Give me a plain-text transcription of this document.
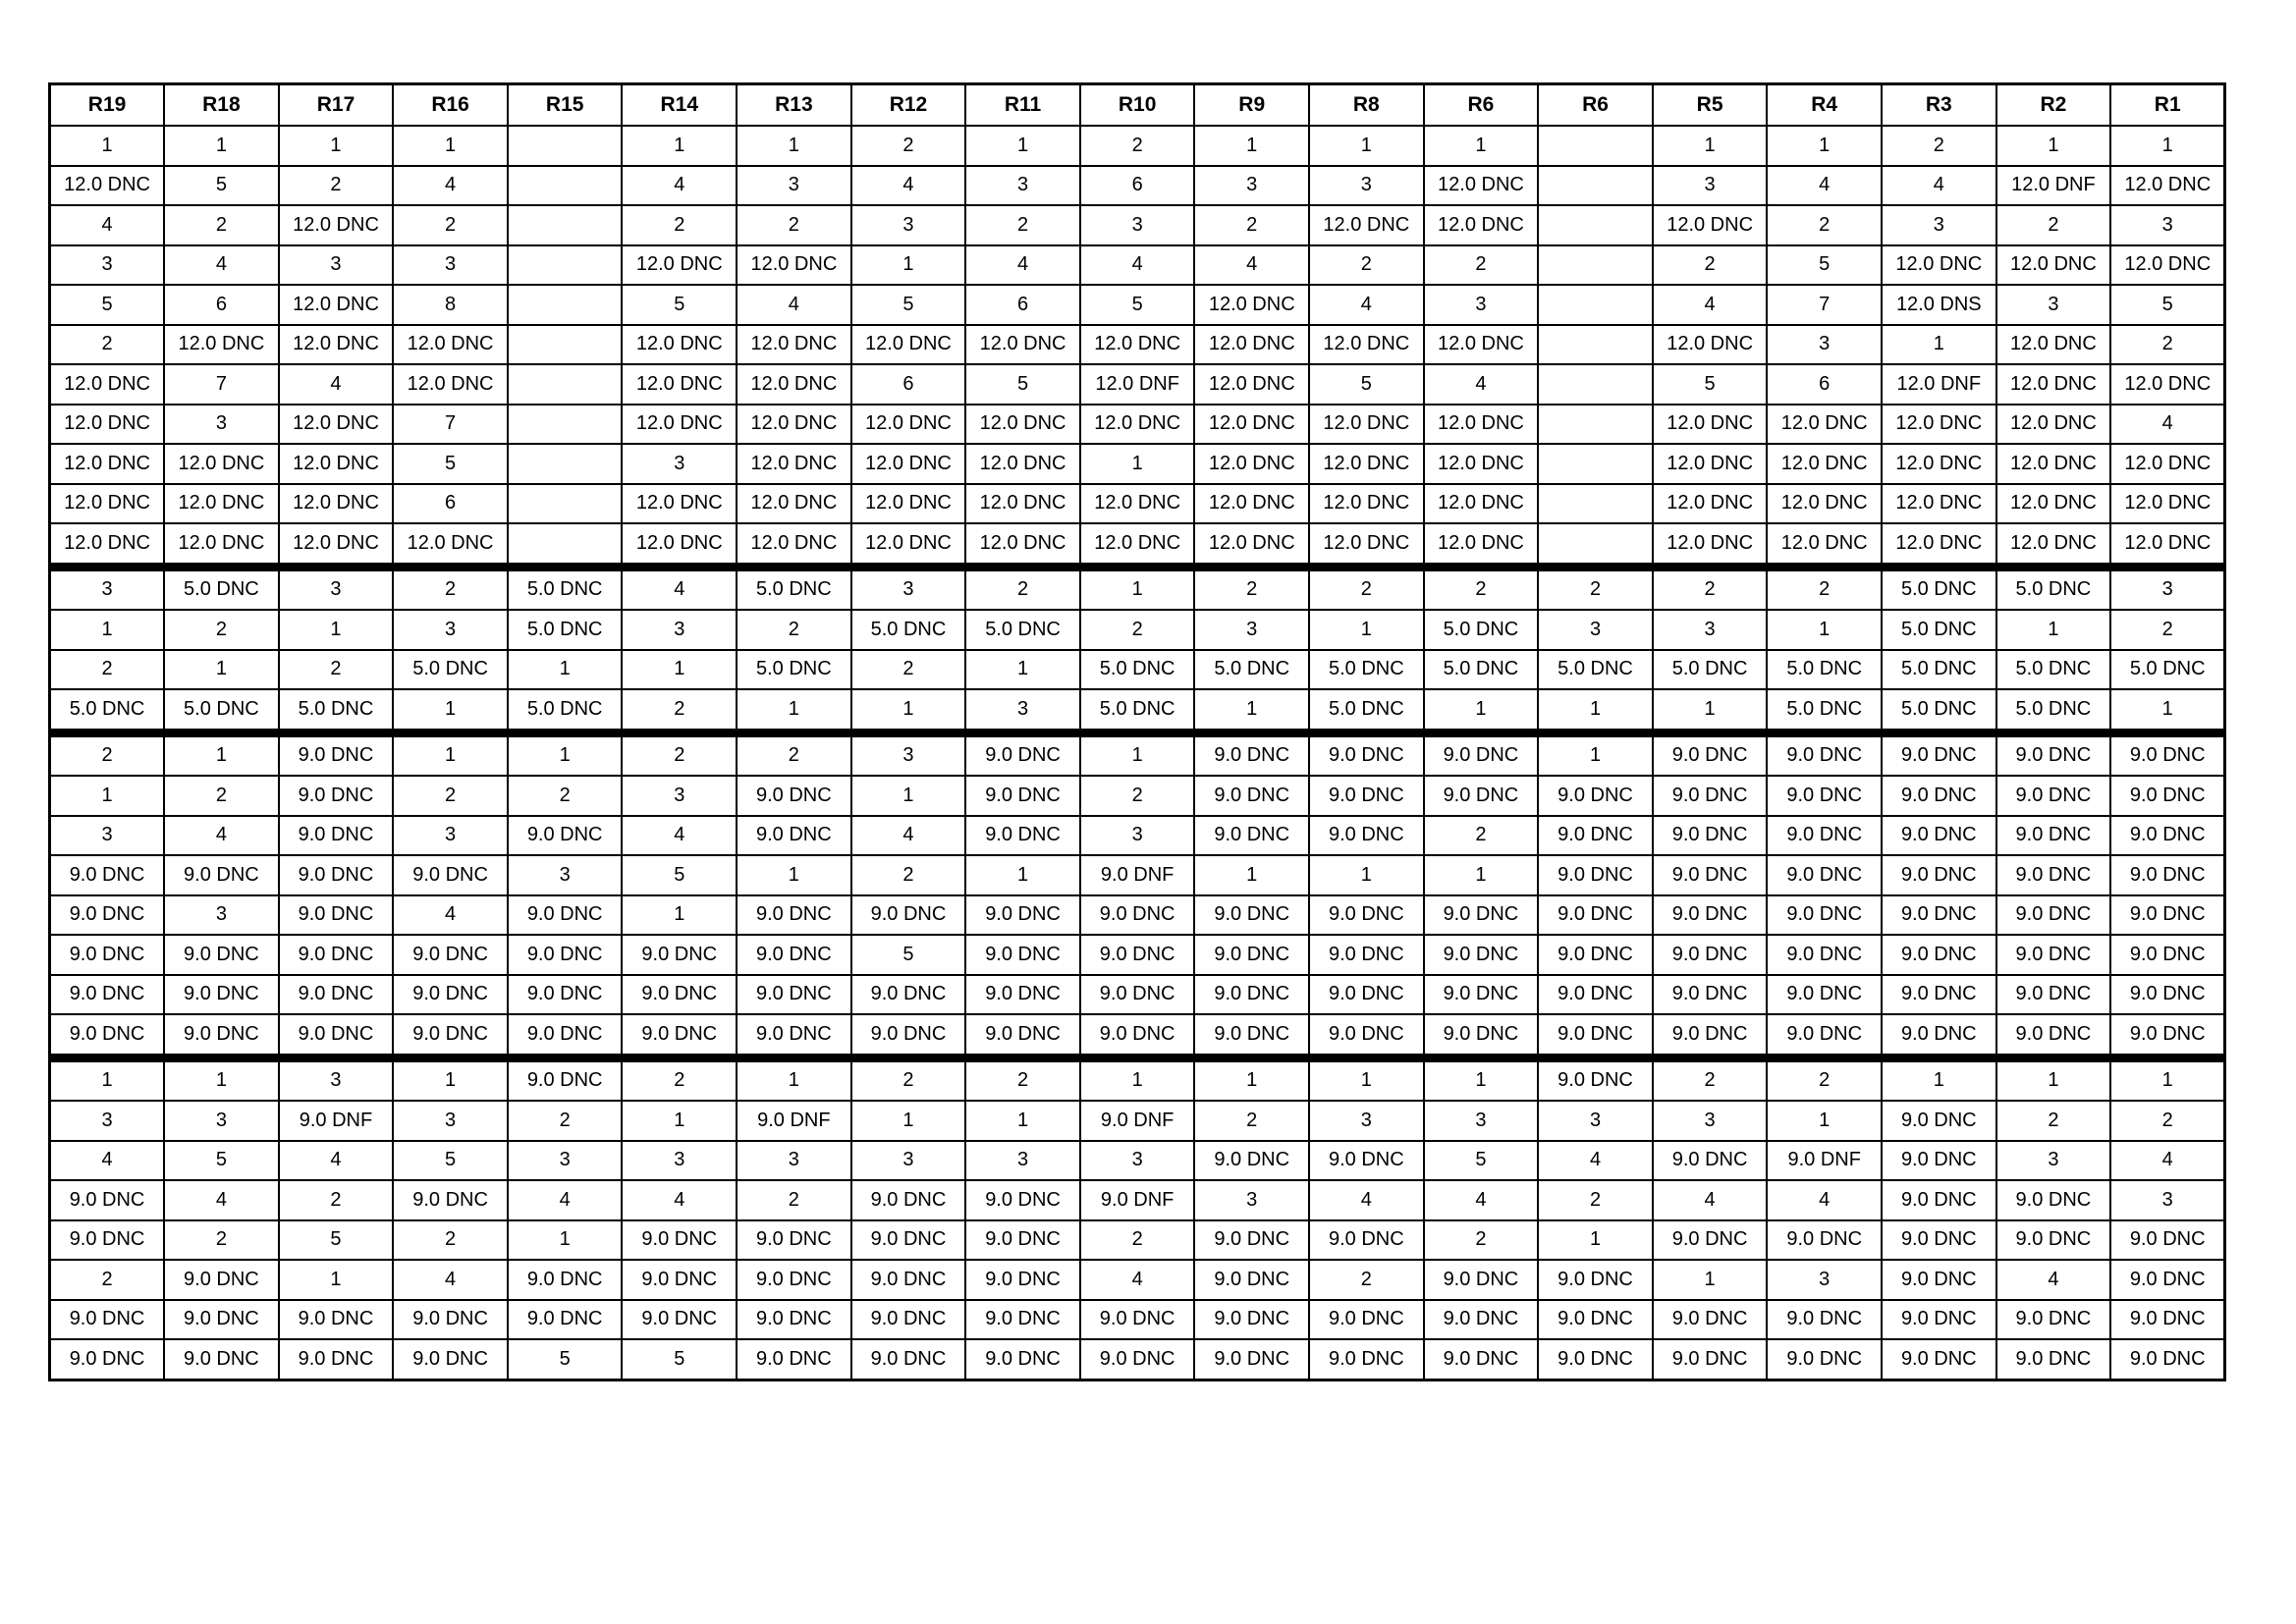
R19	R18	R17	R16	R15	R14	R13	R12	R11	R10	R9	R8	R6	R6	R5	R4	R3	R2	R1
1	1	1	1		1	1	2	1	2	1	1	1		1	1	2	1	1
12.0 DNC	5	2	4		4	3	4	3	6	3	3	12.0 DNC		3	4	4	12.0 DNF	12.0 DNC
4	2	12.0 DNC	2		2	2	3	2	3	2	12.0 DNC	12.0 DNC		12.0 DNC	2	3	2	3
3	4	3	3		12.0 DNC	12.0 DNC	1	4	4	4	2	2		2	5	12.0 DNC	12.0 DNC	12.0 DNC
5	6	12.0 DNC	8		5	4	5	6	5	12.0 DNC	4	3		4	7	12.0 DNS	3	5
2	12.0 DNC	12.0 DNC	12.0 DNC		12.0 DNC	12.0 DNC	12.0 DNC	12.0 DNC	12.0 DNC	12.0 DNC	12.0 DNC	12.0 DNC		12.0 DNC	3	1	12.0 DNC	2
12.0 DNC	7	4	12.0 DNC		12.0 DNC	12.0 DNC	6	5	12.0 DNF	12.0 DNC	5	4		5	6	12.0 DNF	12.0 DNC	12.0 DNC
12.0 DNC	3	12.0 DNC	7		12.0 DNC	12.0 DNC	12.0 DNC	12.0 DNC	12.0 DNC	12.0 DNC	12.0 DNC	12.0 DNC		12.0 DNC	12.0 DNC	12.0 DNC	12.0 DNC	4
12.0 DNC	12.0 DNC	12.0 DNC	5		3	12.0 DNC	12.0 DNC	12.0 DNC	1	12.0 DNC	12.0 DNC	12.0 DNC		12.0 DNC	12.0 DNC	12.0 DNC	12.0 DNC	12.0 DNC
12.0 DNC	12.0 DNC	12.0 DNC	6		12.0 DNC	12.0 DNC	12.0 DNC	12.0 DNC	12.0 DNC	12.0 DNC	12.0 DNC	12.0 DNC		12.0 DNC	12.0 DNC	12.0 DNC	12.0 DNC	12.0 DNC
12.0 DNC	12.0 DNC	12.0 DNC	12.0 DNC		12.0 DNC	12.0 DNC	12.0 DNC	12.0 DNC	12.0 DNC	12.0 DNC	12.0 DNC	12.0 DNC		12.0 DNC	12.0 DNC	12.0 DNC	12.0 DNC	12.0 DNC
3	5.0 DNC	3	2	5.0 DNC	4	5.0 DNC	3	2	1	2	2	2	2	2	2	5.0 DNC	5.0 DNC	3
1	2	1	3	5.0 DNC	3	2	5.0 DNC	5.0 DNC	2	3	1	5.0 DNC	3	3	1	5.0 DNC	1	2
2	1	2	5.0 DNC	1	1	5.0 DNC	2	1	5.0 DNC	5.0 DNC	5.0 DNC	5.0 DNC	5.0 DNC	5.0 DNC	5.0 DNC	5.0 DNC	5.0 DNC	5.0 DNC
5.0 DNC	5.0 DNC	5.0 DNC	1	5.0 DNC	2	1	1	3	5.0 DNC	1	5.0 DNC	1	1	1	5.0 DNC	5.0 DNC	5.0 DNC	1
2	1	9.0 DNC	1	1	2	2	3	9.0 DNC	1	9.0 DNC	9.0 DNC	9.0 DNC	1	9.0 DNC	9.0 DNC	9.0 DNC	9.0 DNC	9.0 DNC
1	2	9.0 DNC	2	2	3	9.0 DNC	1	9.0 DNC	2	9.0 DNC	9.0 DNC	9.0 DNC	9.0 DNC	9.0 DNC	9.0 DNC	9.0 DNC	9.0 DNC	9.0 DNC
3	4	9.0 DNC	3	9.0 DNC	4	9.0 DNC	4	9.0 DNC	3	9.0 DNC	9.0 DNC	2	9.0 DNC	9.0 DNC	9.0 DNC	9.0 DNC	9.0 DNC	9.0 DNC
9.0 DNC	9.0 DNC	9.0 DNC	9.0 DNC	3	5	1	2	1	9.0 DNF	1	1	1	9.0 DNC	9.0 DNC	9.0 DNC	9.0 DNC	9.0 DNC	9.0 DNC
9.0 DNC	3	9.0 DNC	4	9.0 DNC	1	9.0 DNC	9.0 DNC	9.0 DNC	9.0 DNC	9.0 DNC	9.0 DNC	9.0 DNC	9.0 DNC	9.0 DNC	9.0 DNC	9.0 DNC	9.0 DNC	9.0 DNC
9.0 DNC	9.0 DNC	9.0 DNC	9.0 DNC	9.0 DNC	9.0 DNC	9.0 DNC	5	9.0 DNC	9.0 DNC	9.0 DNC	9.0 DNC	9.0 DNC	9.0 DNC	9.0 DNC	9.0 DNC	9.0 DNC	9.0 DNC	9.0 DNC
9.0 DNC	9.0 DNC	9.0 DNC	9.0 DNC	9.0 DNC	9.0 DNC	9.0 DNC	9.0 DNC	9.0 DNC	9.0 DNC	9.0 DNC	9.0 DNC	9.0 DNC	9.0 DNC	9.0 DNC	9.0 DNC	9.0 DNC	9.0 DNC	9.0 DNC
9.0 DNC	9.0 DNC	9.0 DNC	9.0 DNC	9.0 DNC	9.0 DNC	9.0 DNC	9.0 DNC	9.0 DNC	9.0 DNC	9.0 DNC	9.0 DNC	9.0 DNC	9.0 DNC	9.0 DNC	9.0 DNC	9.0 DNC	9.0 DNC	9.0 DNC
1	1	3	1	9.0 DNC	2	1	2	2	1	1	1	1	9.0 DNC	2	2	1	1	1
3	3	9.0 DNF	3	2	1	9.0 DNF	1	1	9.0 DNF	2	3	3	3	3	1	9.0 DNC	2	2
4	5	4	5	3	3	3	3	3	3	9.0 DNC	9.0 DNC	5	4	9.0 DNC	9.0 DNF	9.0 DNC	3	4
9.0 DNC	4	2	9.0 DNC	4	4	2	9.0 DNC	9.0 DNC	9.0 DNF	3	4	4	2	4	4	9.0 DNC	9.0 DNC	3
9.0 DNC	2	5	2	1	9.0 DNC	9.0 DNC	9.0 DNC	9.0 DNC	2	9.0 DNC	9.0 DNC	2	1	9.0 DNC	9.0 DNC	9.0 DNC	9.0 DNC	9.0 DNC
2	9.0 DNC	1	4	9.0 DNC	9.0 DNC	9.0 DNC	9.0 DNC	9.0 DNC	4	9.0 DNC	2	9.0 DNC	9.0 DNC	1	3	9.0 DNC	4	9.0 DNC
9.0 DNC	9.0 DNC	9.0 DNC	9.0 DNC	9.0 DNC	9.0 DNC	9.0 DNC	9.0 DNC	9.0 DNC	9.0 DNC	9.0 DNC	9.0 DNC	9.0 DNC	9.0 DNC	9.0 DNC	9.0 DNC	9.0 DNC	9.0 DNC	9.0 DNC
9.0 DNC	9.0 DNC	9.0 DNC	9.0 DNC	5	5	9.0 DNC	9.0 DNC	9.0 DNC	9.0 DNC	9.0 DNC	9.0 DNC	9.0 DNC	9.0 DNC	9.0 DNC	9.0 DNC	9.0 DNC	9.0 DNC	9.0 DNC
